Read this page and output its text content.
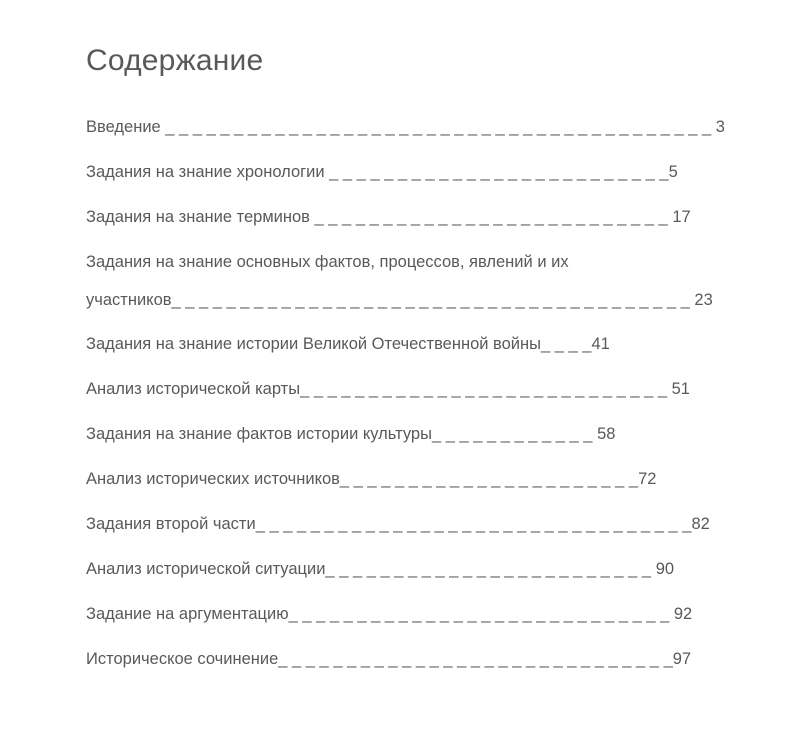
Содержание
Введение _ _ _ _ _ _ _ _ _ _ _ _ _ _ _ _ _ _ _ _ _ _ _ _ _ _ _ _ _ _ _ _ _ _ _ _ _ _ _ _ 3
Задания на знание хронологии _ _ _ _ _ _ _ _ _ _ _ _ _ _ _ _ _ _ _ _ _ _ _ _ _5
Задания на знание терминов _ _ _ _ _ _ _ _ _ _ _ _ _ _ _ _ _ _ _ _ _ _ _ _ _ _ 17
Задания на знание основных фактов, процессов, явлений и их
участников_ _ _ _ _ _ _ _ _ _ _ _ _ _ _ _ _ _ _ _ _ _ _ _ _ _ _ _ _ _ _ _ _ _ _ _ _ _ 23
Задания на знание истории Великой Отечественной войны_ _ _ _41
Анализ исторической карты_ _ _ _ _ _ _ _ _ _ _ _ _ _ _ _ _ _ _ _ _ _ _ _ _ _ _ 51
Задания на знание фактов истории культуры_ _ _ _ _ _ _ _ _ _ _ _ 58
Анализ исторических источников_ _ _ _ _ _ _ _ _ _ _ _ _ _ _ _ _ _ _ _ _ _72
Задания второй части_ _ _ _ _ _ _ _ _ _ _ _ _ _ _ _ _ _ _ _ _ _ _ _ _ _ _ _ _ _ _ _82
Анализ исторической ситуации_ _ _ _ _ _ _ _ _ _ _ _ _ _ _ _ _ _ _ _ _ _ _ _ 90
Задание на аргументацию_ _ _ _ _ _ _ _ _ _ _ _ _ _ _ _ _ _ _ _ _ _ _ _ _ _ _ _ 92
Историческое сочинение_ _ _ _ _ _ _ _ _ _ _ _ _ _ _ _ _ _ _ _ _ _ _ _ _ _ _ _ _97
